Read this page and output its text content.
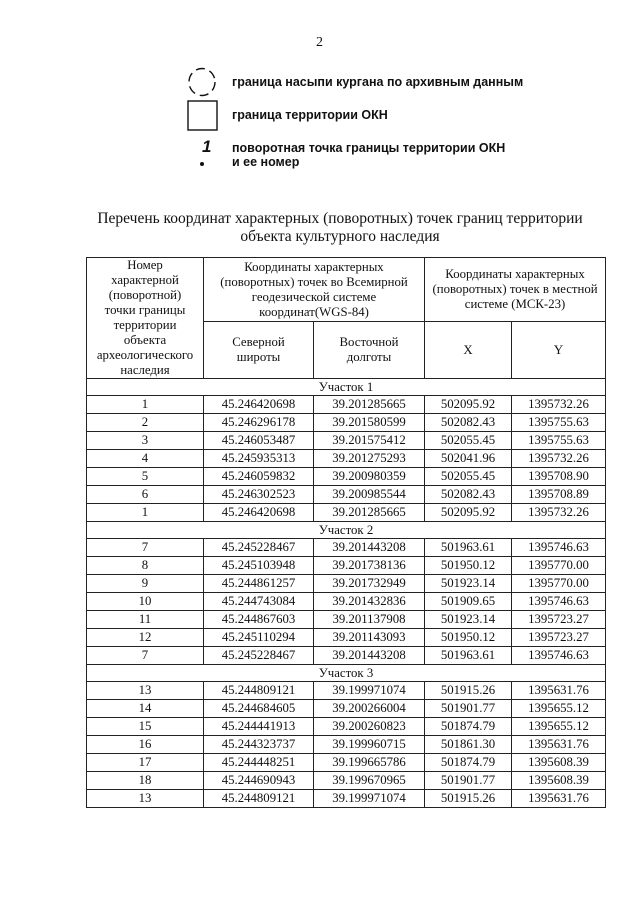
2
граница насыпи кургана по архивным данным
граница территории ОКН
1 поворотная точка границы территории ОКН
и ее номер
Перечень координат характерных (поворотных) точек границ территории
объекта культурного наследия
Номер характерной (поворотной) точки границы территории объекта археологического наследия	Координаты характерных (поворотных) точек во Всемирной геодезической системе координат(WGS-84)		Координаты характерных (поворотных) точек в местной системе (МСК-23)	
	Северной широты	Восточной долготы	X	Y
Участок 1				
1	45.246420698	39.201285665	502095.92	1395732.26
2	45.246296178	39.201580599	502082.43	1395755.63
3	45.246053487	39.201575412	502055.45	1395755.63
4	45.245935313	39.201275293	502041.96	1395732.26
5	45.246059832	39.200980359	502055.45	1395708.90
6	45.246302523	39.200985544	502082.43	1395708.89
1	45.246420698	39.201285665	502095.92	1395732.26
Участок 2				
7	45.245228467	39.201443208	501963.61	1395746.63
8	45.245103948	39.201738136	501950.12	1395770.00
9	45.244861257	39.201732949	501923.14	1395770.00
10	45.244743084	39.201432836	501909.65	1395746.63
11	45.244867603	39.201137908	501923.14	1395723.27
12	45.245110294	39.201143093	501950.12	1395723.27
7	45.245228467	39.201443208	501963.61	1395746.63
Участок 3				
13	45.244809121	39.199971074	501915.26	1395631.76
14	45.244684605	39.200266004	501901.77	1395655.12
15	45.244441913	39.200260823	501874.79	1395655.12
16	45.244323737	39.199960715	501861.30	1395631.76
17	45.244448251	39.199665786	501874.79	1395608.39
18	45.244690943	39.199670965	501901.77	1395608.39
13	45.244809121	39.199971074	501915.26	1395631.76
